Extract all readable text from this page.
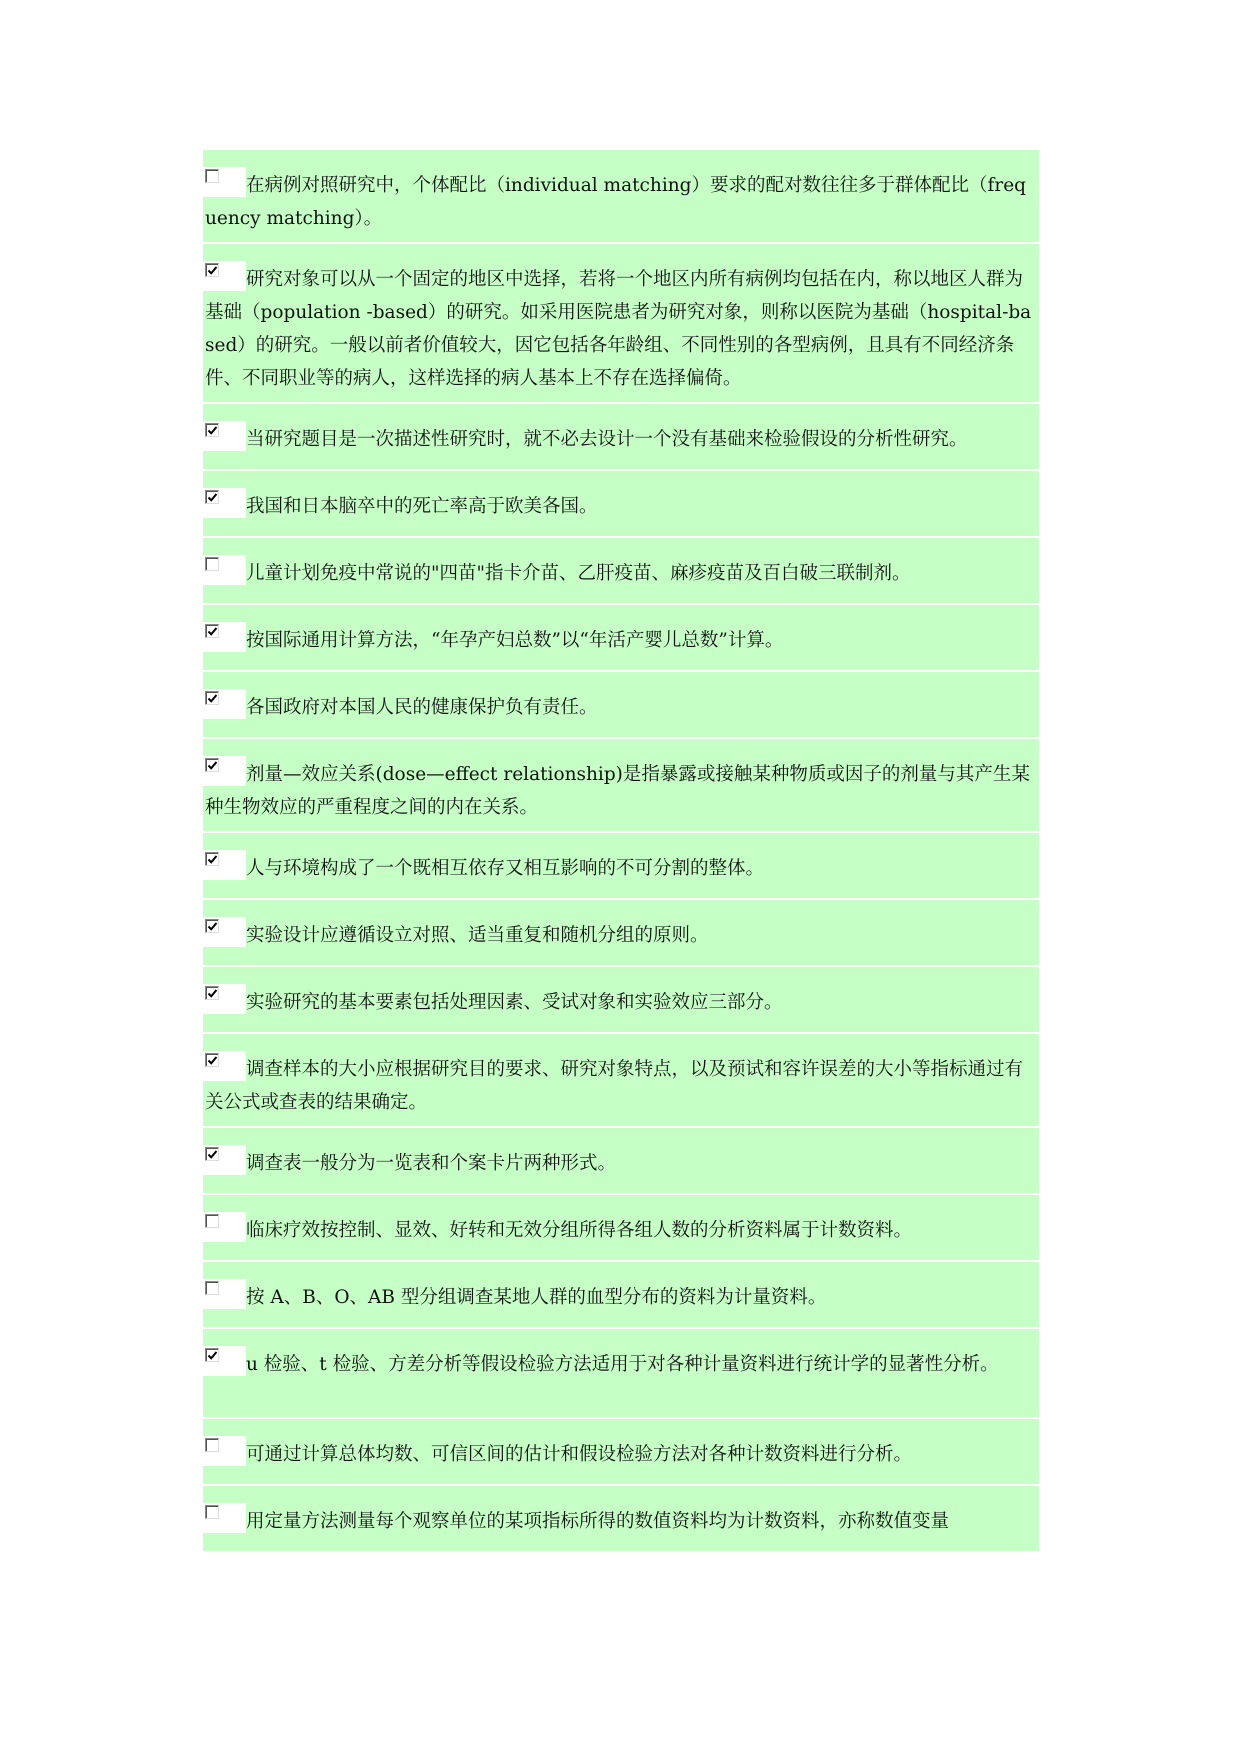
在病例对照研究中，个体配比（individual matching）要求的配对数往往多于群体配比（frequency matching）。
研究对象可以从一个固定的地区中选择，若将一个地区内所有病例均包括在内，称以地区人群为基础（population -based）的研究。如采用医院患者为研究对象，则称以医院为基础（hospital-based）的研究。一般以前者价值较大，因它包括各年龄组、不同性别的各型病例，且具有不同经济条件、不同职业等的病人，这样选择的病人基本上不存在选择偏倚。
当研究题目是一次描述性研究时，就不必去设计一个没有基础来检验假设的分析性研究。
我国和日本脑卒中的死亡率高于欧美各国。
儿童计划免疫中常说的"四苗"指卡介苗、乙肝疫苗、麻疹疫苗及百白破三联制剂。
按国际通用计算方法，“年孕产妇总数”以“年活产婴儿总数”计算。
各国政府对本国人民的健康保护负有责任。
剂量—效应关系(dose—effect relationship)是指暴露或接触某种物质或因子的剂量与其产生某种生物效应的严重程度之间的内在关系。
人与环境构成了一个既相互依存又相互影响的不可分割的整体。
实验设计应遵循设立对照、适当重复和随机分组的原则。
实验研究的基本要素包括处理因素、受试对象和实验效应三部分。
调查样本的大小应根据研究目的要求、研究对象特点，以及预试和容许误差的大小等指标通过有关公式或查表的结果确定。
调查表一般分为一览表和个案卡片两种形式。
临床疗效按控制、显效、好转和无效分组所得各组人数的分析资料属于计数资料。
按 A、B、O、AB 型分组调查某地人群的血型分布的资料为计量资料。
u 检验、t 检验、方差分析等假设检验方法适用于对各种计量资料进行统计学的显著性分析。
可通过计算总体均数、可信区间的估计和假设检验方法对各种计数资料进行分析。
用定量方法测量每个观察单位的某项指标所得的数值资料均为计数资料，亦称数值变量
